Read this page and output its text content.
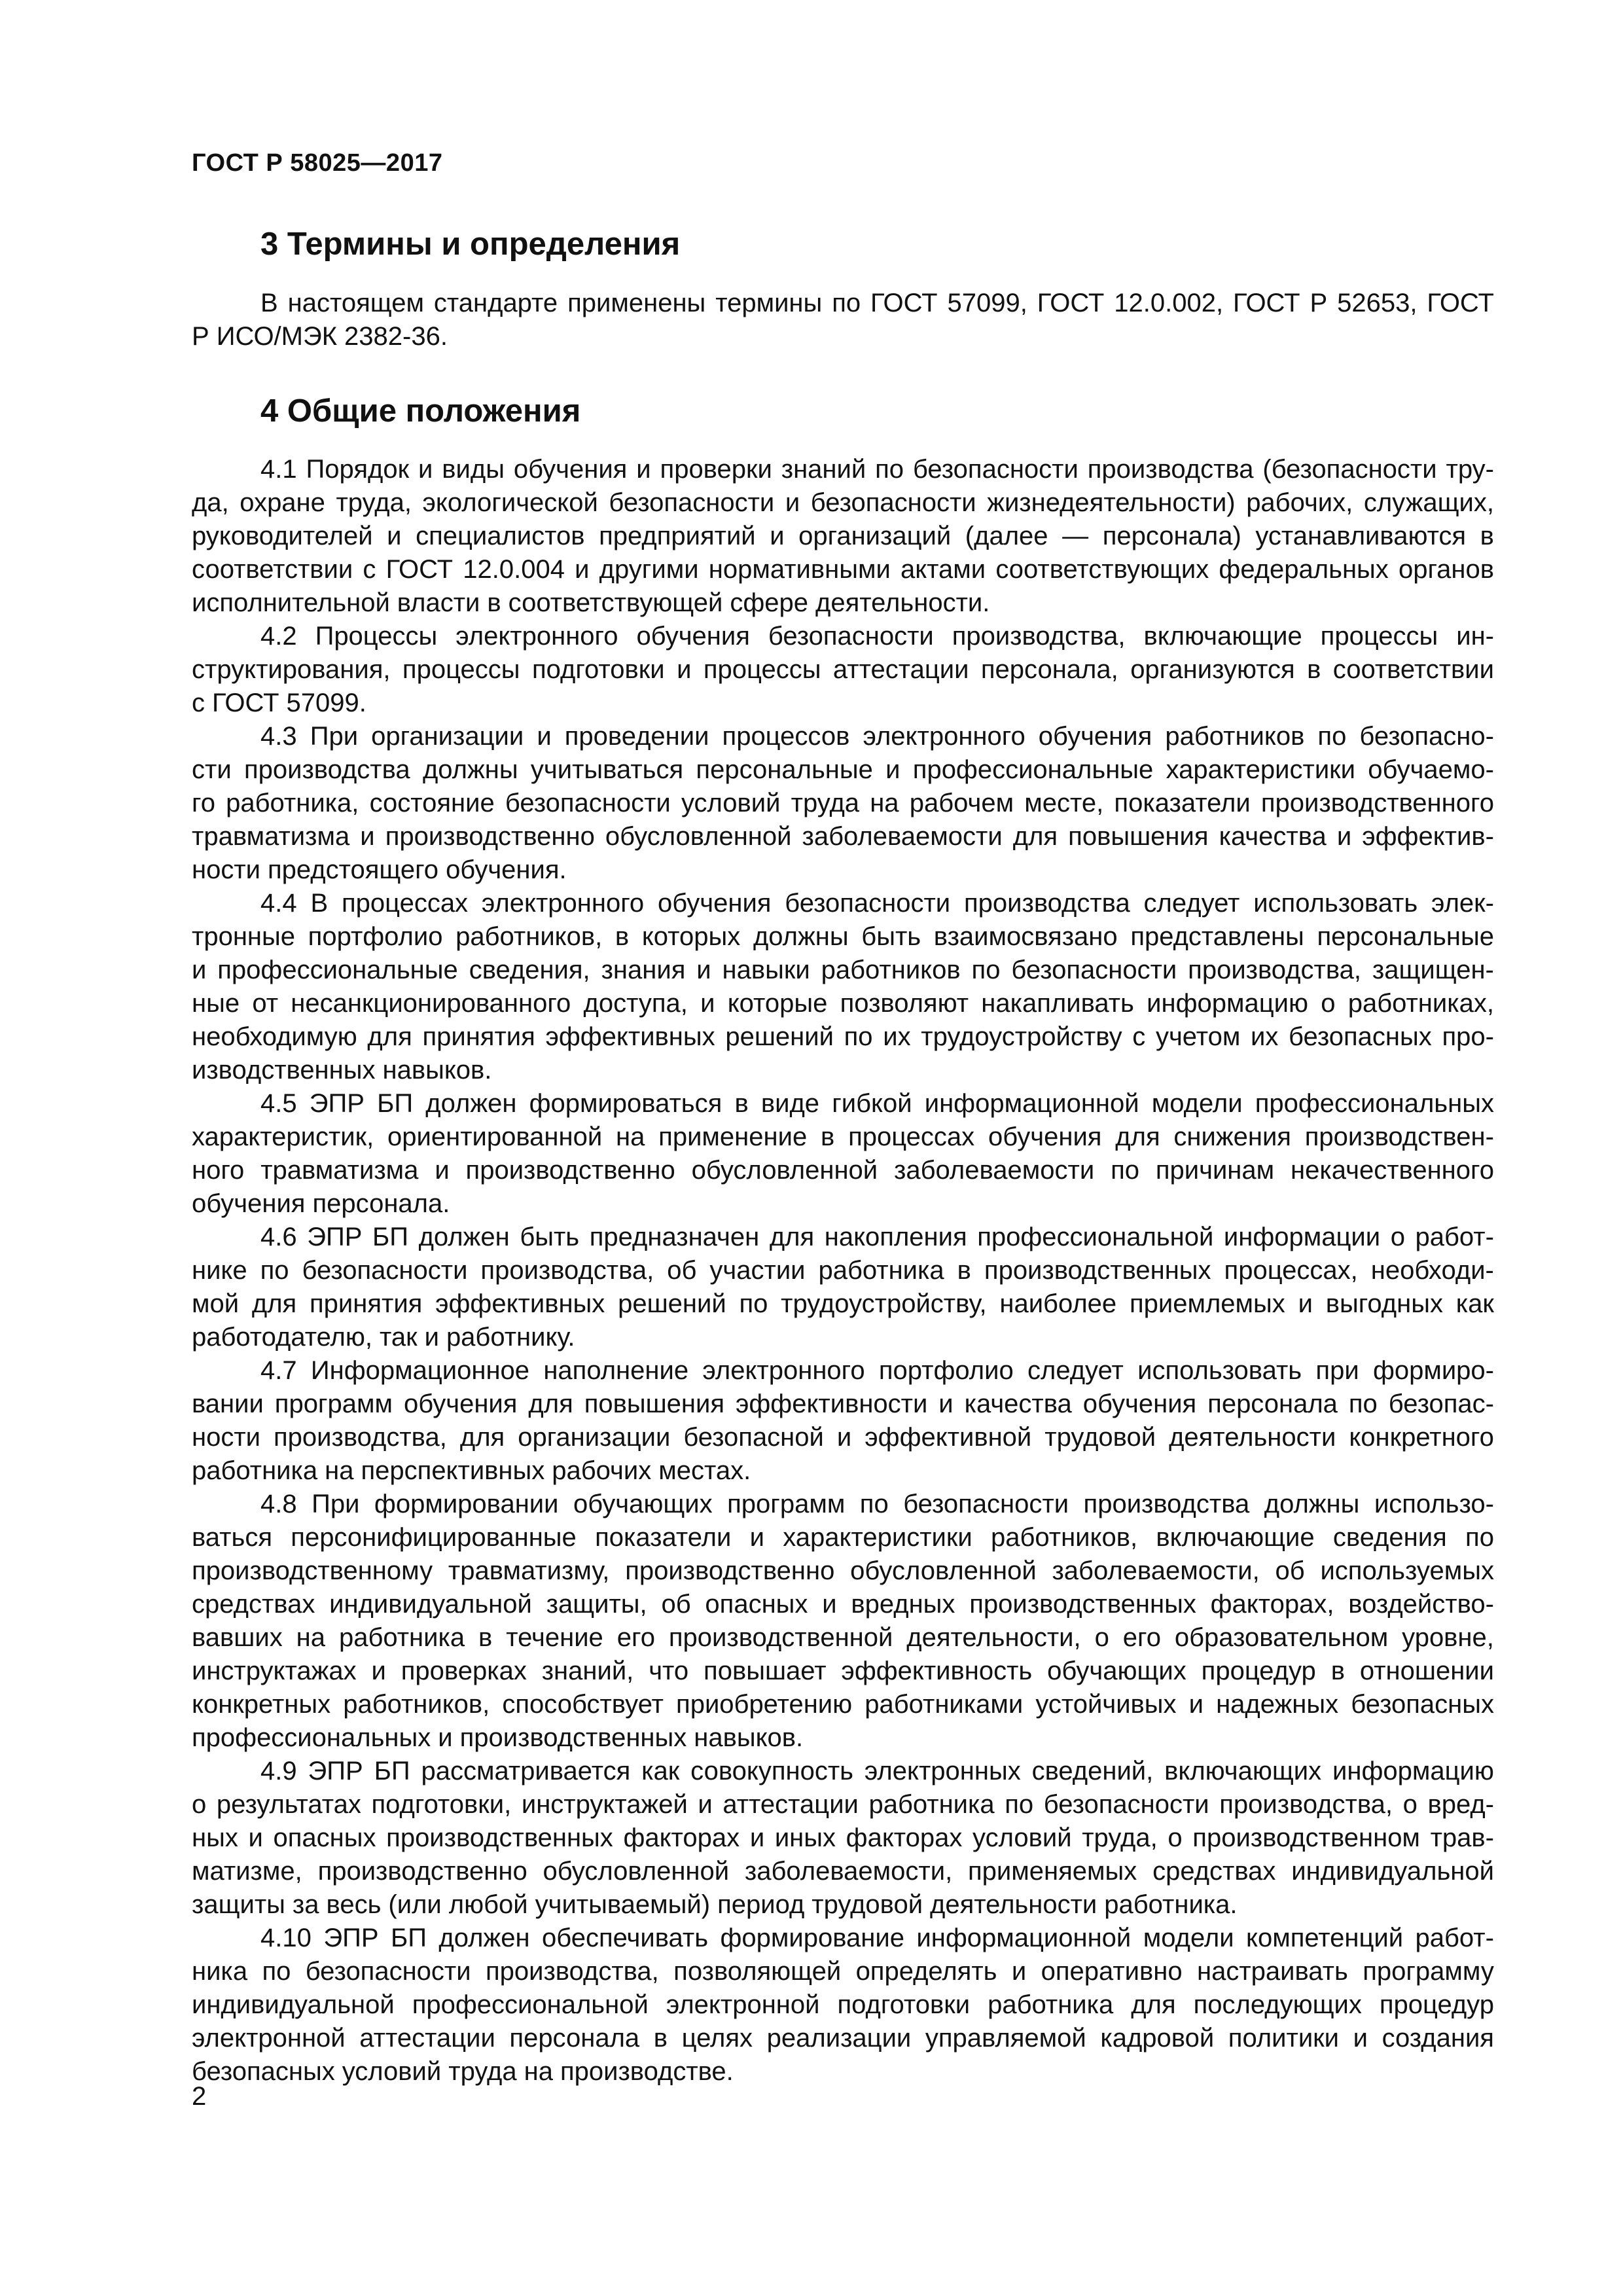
ГОСТ Р 58025—2017
3 Термины и определения
В настоящем стандарте применены термины по ГОСТ 57099, ГОСТ 12.0.002, ГОСТ Р 52653, ГОСТ
Р ИСО/МЭК 2382-36.
4 Общие положения
4.1 Порядок и виды обучения и проверки знаний по безопасности производства (безопасности тру-
да, охране труда, экологической безопасности и безопасности жизнедеятельности) рабочих, служащих,
руководителей и специалистов предприятий и организаций (далее — персонала) устанавливаются в
соответствии с ГОСТ 12.0.004 и другими нормативными актами соответствующих федеральных органов
исполнительной власти в соответствующей сфере деятельности.
4.2 Процессы электронного обучения безопасности производства, включающие процессы ин-
структирования, процессы подготовки и процессы аттестации персонала, организуются в соответствии
с ГОСТ 57099.
4.3 При организации и проведении процессов электронного обучения работников по безопасно-
сти производства должны учитываться персональные и профессиональные характеристики обучаемо-
го работника, состояние безопасности условий труда на рабочем месте, показатели производственного
травматизма и производственно обусловленной заболеваемости для повышения качества и эффектив-
ности предстоящего обучения.
4.4 В процессах электронного обучения безопасности производства следует использовать элек-
тронные портфолио работников, в которых должны быть взаимосвязано представлены персональные
и профессиональные сведения, знания и навыки работников по безопасности производства, защищен-
ные от несанкционированного доступа, и которые позволяют накапливать информацию о работниках,
необходимую для принятия эффективных решений по их трудоустройству с учетом их безопасных про-
изводственных навыков.
4.5 ЭПР БП должен формироваться в виде гибкой информационной модели профессиональных
характеристик, ориентированной на применение в процессах обучения для снижения производствен-
ного травматизма и производственно обусловленной заболеваемости по причинам некачественного
обучения персонала.
4.6 ЭПР БП должен быть предназначен для накопления профессиональной информации о работ-
нике по безопасности производства, об участии работника в производственных процессах, необходи-
мой для принятия эффективных решений по трудоустройству, наиболее приемлемых и выгодных как
работодателю, так и работнику.
4.7 Информационное наполнение электронного портфолио следует использовать при формиро-
вании программ обучения для повышения эффективности и качества обучения персонала по безопас-
ности производства, для организации безопасной и эффективной трудовой деятельности конкретного
работника на перспективных рабочих местах.
4.8 При формировании обучающих программ по безопасности производства должны использо-
ваться персонифицированные показатели и характеристики работников, включающие сведения по
производственному травматизму, производственно обусловленной заболеваемости, об используемых
средствах индивидуальной защиты, об опасных и вредных производственных факторах, воздейство-
вавших на работника в течение его производственной деятельности, о его образовательном уровне,
инструктажах и проверках знаний, что повышает эффективность обучающих процедур в отношении
конкретных работников, способствует приобретению работниками устойчивых и надежных безопасных
профессиональных и производственных навыков.
4.9 ЭПР БП рассматривается как совокупность электронных сведений, включающих информацию
о результатах подготовки, инструктажей и аттестации работника по безопасности производства, о вред-
ных и опасных производственных факторах и иных факторах условий труда, о производственном трав-
матизме, производственно обусловленной заболеваемости, применяемых средствах индивидуальной
защиты за весь (или любой учитываемый) период трудовой деятельности работника.
4.10 ЭПР БП должен обеспечивать формирование информационной модели компетенций работ-
ника по безопасности производства, позволяющей определять и оперативно настраивать программу
индивидуальной профессиональной электронной подготовки работника для последующих процедур
электронной аттестации персонала в целях реализации управляемой кадровой политики и создания
безопасных условий труда на производстве.
2
